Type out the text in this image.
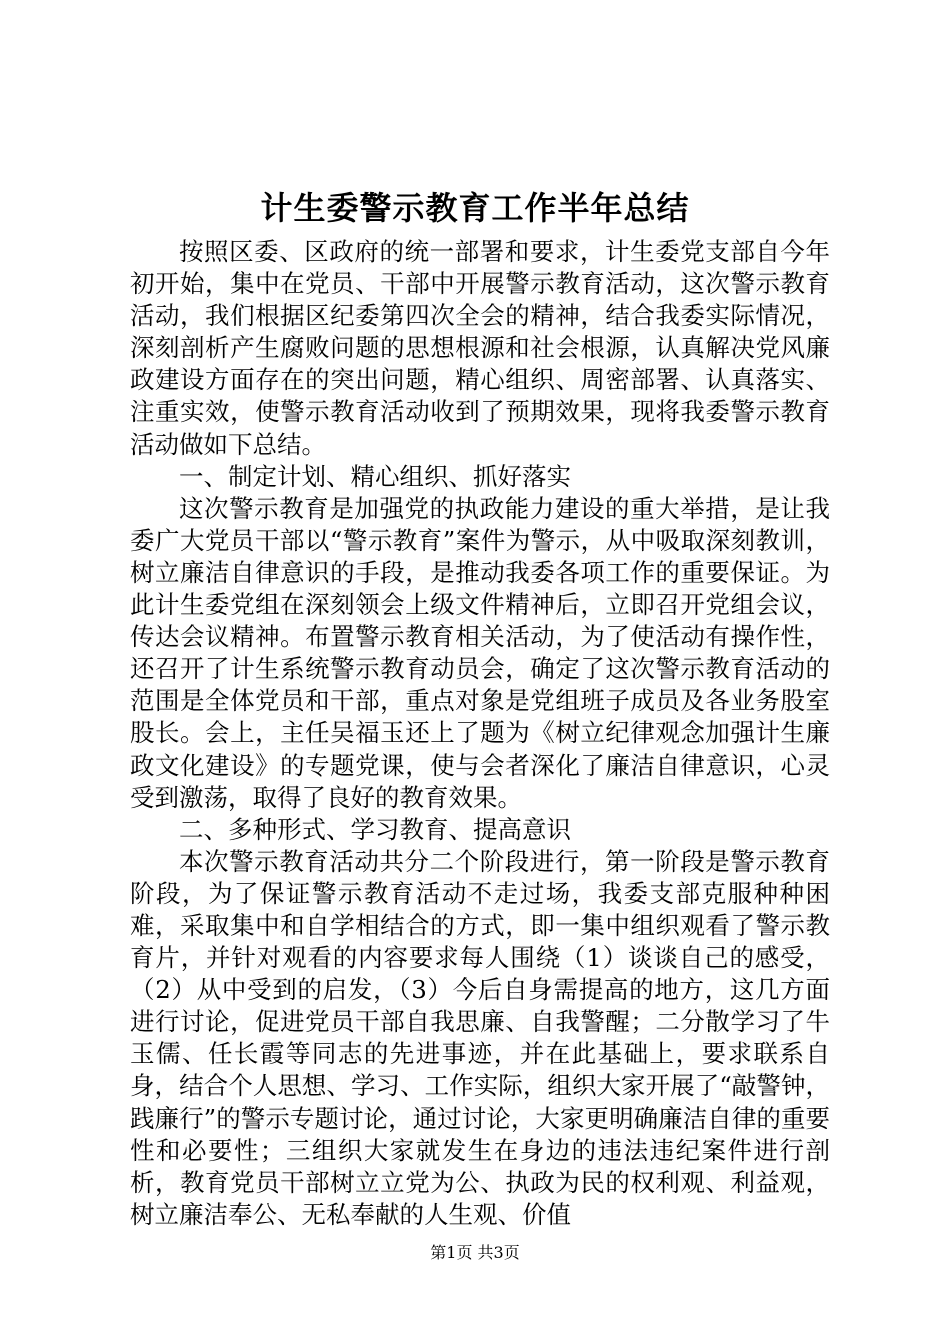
计生委警示教育工作半年总结

按照区委、区政府的统一部署和要求，计生委党支部自今年初开始，集中在党员、干部中开展警示教育活动，这次警示教育活动，我们根据区纪委第四次全会的精神，结合我委实际情况，深刻剖析产生腐败问题的思想根源和社会根源，认真解决党风廉政建设方面存在的突出问题，精心组织、周密部署、认真落实、注重实效，使警示教育活动收到了预期效果，现将我委警示教育活动做如下总结。

一、制定计划、精心组织、抓好落实

这次警示教育是加强党的执政能力建设的重大举措，是让我委广大党员干部以“警示教育”案件为警示，从中吸取深刻教训，树立廉洁自律意识的手段，是推动我委各项工作的重要保证。为此计生委党组在深刻领会上级文件精神后，立即召开党组会议，传达会议精神。布置警示教育相关活动，为了使活动有操作性，还召开了计生系统警示教育动员会，确定了这次警示教育活动的范围是全体党员和干部，重点对象是党组班子成员及各业务股室股长。会上，主任吴福玉还上了题为《树立纪律观念加强计生廉政文化建设》的专题党课，使与会者深化了廉洁自律意识，心灵受到激荡，取得了良好的教育效果。

二、多种形式、学习教育、提高意识

本次警示教育活动共分二个阶段进行，第一阶段是警示教育阶段，为了保证警示教育活动不走过场，我委支部克服种种困难，采取集中和自学相结合的方式，即一集中组织观看了警示教育片，并针对观看的内容要求每人围绕（1）谈谈自己的感受，（2）从中受到的启发，（3）今后自身需提高的地方，这几方面进行讨论，促进党员干部自我思廉、自我警醒；二分散学习了牛玉儒、任长霞等同志的先进事迹，并在此基础上，要求联系自身，结合个人思想、学习、工作实际，组织大家开展了“敲警钟，践廉行”的警示专题讨论，通过讨论，大家更明确廉洁自律的重要性和必要性；三组织大家就发生在身边的违法违纪案件进行剖析，教育党员干部树立立党为公、执政为民的权利观、利益观，树立廉洁奉公、无私奉献的人生观、价值

第1页 共3页
